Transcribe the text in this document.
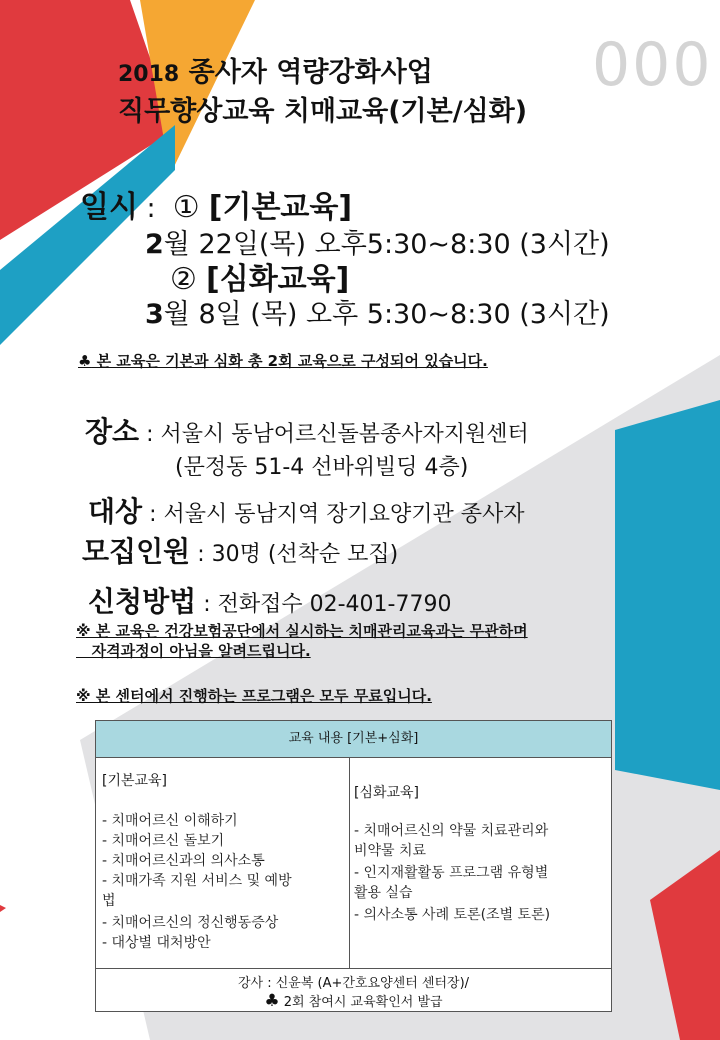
000
2018 종사자 역량강화사업
직무향상교육 치매교육(기본/심화)
일시 : ① [기본교육]
2월 22일(목) 오후5:30~8:30 (3시간)
② [심화교육]
3월 8일 (목) 오후 5:30~8:30 (3시간)
♣ 본 교육은 기본과 심화 총 2회 교육으로 구성되어 있습니다.
장소 : 서울시 동남어르신돌봄종사자지원센터
(문정동 51-4 선바위빌딩 4층)
대상 : 서울시 동남지역 장기요양기관 종사자
모집인원 : 30명 (선착순 모집)
신청방법 : 전화접수 02-401-7790
※ 본 교육은 건강보험공단에서 실시하는 치매관리교육과는 무관하며
자격과정이 아님을 알려드립니다.
※ 본 센터에서 진행하는 프로그램은 모두 무료입니다.
교육 내용 [기본+심화]
[기본교육]
- 치매어르신 이해하기
- 치매어르신 돌보기
- 치매어르신과의 의사소통
- 치매가족 지원 서비스 및 예방
법
- 치매어르신의 정신행동증상
- 대상별 대처방안
[심화교육]
- 치매어르신의 약물 치료관리와
비약물 치료
- 인지재활활동 프로그램 유형별
활용 실습
- 의사소통 사례 토론(조별 토론)
강사 : 신윤복 (A+간호요양센터 센터장)/
♣ 2회 참여시 교육확인서 발급
